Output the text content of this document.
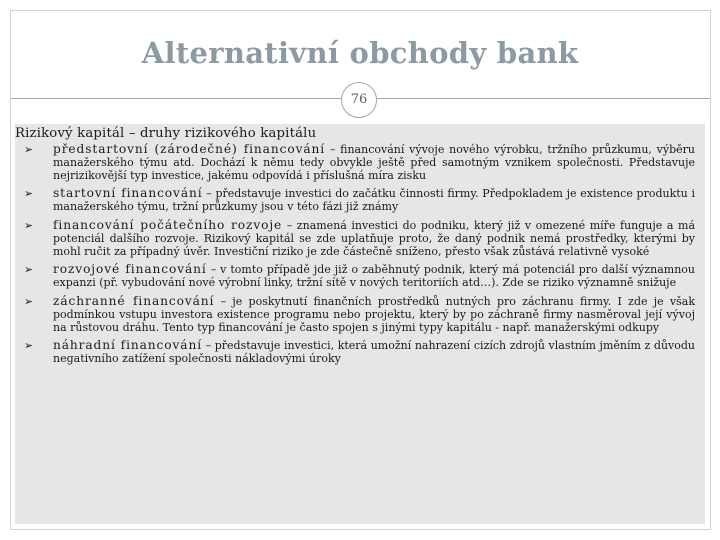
Alternativní obchody bank
76
Rizikový kapitál – druhy rizikového kapitálu
➢ předstartovní (zárodečné) financování – financování vývoje nového výrobku, tržního průzkumu, výběru manažerského týmu atd. Dochází k němu tedy obvykle ještě před samotným vznikem společnosti. Představuje nejrizikovější typ investice, jakému odpovídá i příslušná míra zisku
➢ startovní financování – představuje investici do začátku činnosti firmy. Předpokladem je existence produktu i manažerského týmu, tržní průzkumy jsou v této fázi již známy
➢ financování počátečního rozvoje – znamená investici do podniku, který již v omezené míře funguje a má potenciál dalšího rozvoje. Rizikový kapitál se zde uplatňuje proto, že daný podnik nemá prostředky, kterými by mohl ručit za případný úvěr. Investiční riziko je zde částečně sníženo, přesto však zůstává relativně vysoké
➢ rozvojové financování – v tomto případě jde již o zaběhnutý podnik, který má potenciál pro další významnou expanzi (př. vybudování nové výrobní linky, tržní sítě v nových teritoriích atd…). Zde se riziko významně snižuje
➢ záchranné financování – je poskytnutí finančních prostředků nutných pro záchranu firmy. I zde je však podmínkou vstupu investora existence programu nebo projektu, který by po záchraně firmy nasměroval její vývoj na růstovou dráhu. Tento typ financování je často spojen s jinými typy kapitálu - např. manažerskými odkupy
➢ náhradní financování – představuje investici, která umožní nahrazení cizích zdrojů vlastním jměním z důvodu negativního zatížení společnosti nákladovými úroky
